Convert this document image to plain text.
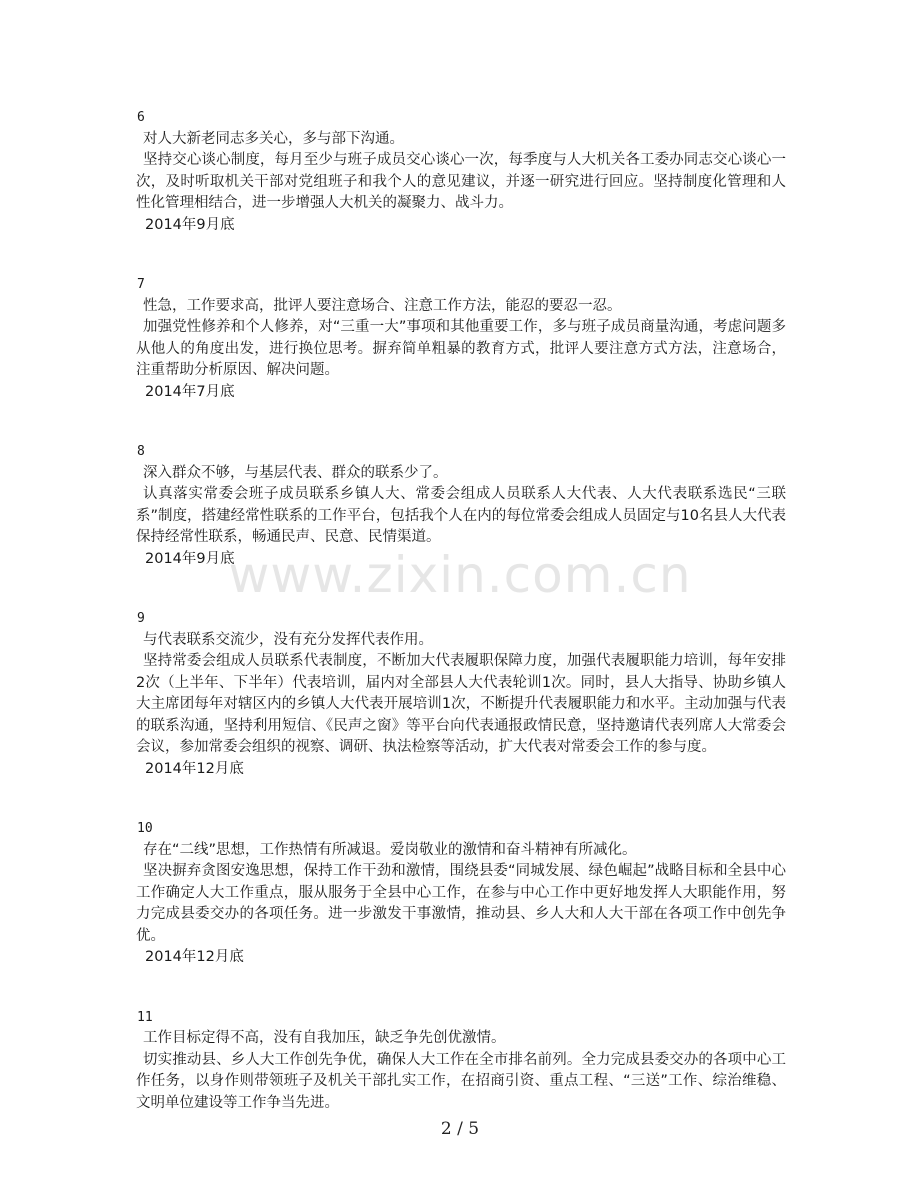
6

对人大新老同志多关心，多与部下沟通。

坚持交心谈心制度，每月至少与班子成员交心谈心一次，每季度与人大机关各工委办同志交心谈心一次，及时听取机关干部对党组班子和我个人的意见建议，并逐一研究进行回应。坚持制度化管理和人性化管理相结合，进一步增强人大机关的凝聚力、战斗力。

2014年9月底
7

性急，工作要求高，批评人要注意场合、注意工作方法，能忍的要忍一忍。

加强党性修养和个人修养，对“三重一大”事项和其他重要工作，多与班子成员商量沟通，考虑问题多从他人的角度出发，进行换位思考。摒弃简单粗暴的教育方式，批评人要注意方式方法，注意场合，注重帮助分析原因、解决问题。

2014年7月底
8

深入群众不够，与基层代表、群众的联系少了。

认真落实常委会班子成员联系乡镇人大、常委会组成人员联系人大代表、人大代表联系选民“三联系”制度，搭建经常性联系的工作平台，包括我个人在内的每位常委会组成人员固定与10名县人大代表保持经常性联系，畅通民声、民意、民情渠道。

2014年9月底
9

与代表联系交流少，没有充分发挥代表作用。

坚持常委会组成人员联系代表制度，不断加大代表履职保障力度，加强代表履职能力培训，每年安排2次（上半年、下半年）代表培训，届内对全部县人大代表轮训1次。同时，县人大指导、协助乡镇人大主席团每年对辖区内的乡镇人大代表开展培训1次，不断提升代表履职能力和水平。主动加强与代表的联系沟通，坚持利用短信、《民声之窗》等平台向代表通报政情民意，坚持邀请代表列席人大常委会会议，参加常委会组织的视察、调研、执法检察等活动，扩大代表对常委会工作的参与度。

2014年12月底
10

存在“二线”思想，工作热情有所减退。爱岗敬业的激情和奋斗精神有所减化。

坚决摒弃贪图安逸思想，保持工作干劲和激情，围绕县委“同城发展、绿色崛起”战略目标和全县中心工作确定人大工作重点，服从服务于全县中心工作，在参与中心工作中更好地发挥人大职能作用，努力完成县委交办的各项任务。进一步激发干事激情，推动县、乡人大和人大干部在各项工作中创先争优。

2014年12月底
11

工作目标定得不高，没有自我加压，缺乏争先创优激情。

切实推动县、乡人大工作创先争优，确保人大工作在全市排名前列。全力完成县委交办的各项中心工作任务，以身作则带领班子及机关干部扎实工作，在招商引资、重点工程、“三送”工作、综治维稳、文明单位建设等工作争当先进。

www.zixin.com.cn
2 / 5
